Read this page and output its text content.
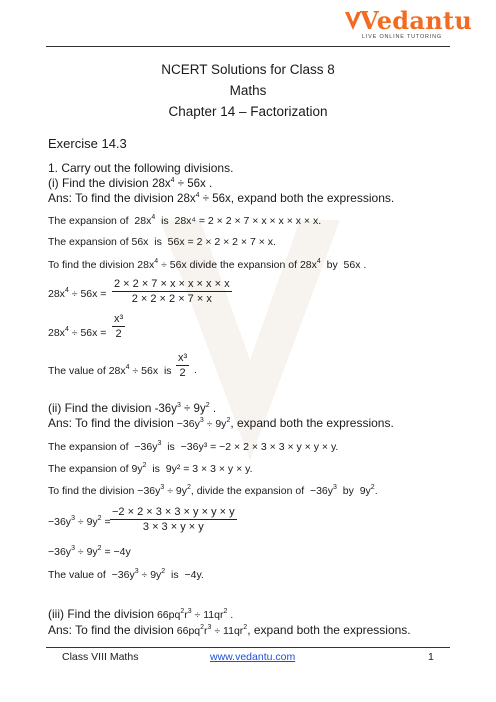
Vedantu
LIVE ONLINE TUTORING
NCERT Solutions for Class 8
Maths
Chapter 14 – Factorization
Exercise 14.3
1. Carry out the following divisions.
(i) Find the division $28x^4 \div 56x$ .
Ans: To find the division $28x^4 \div 56x$, expand both the expressions.
The expansion of  $28x^4$  is  28x⁴ = 2 × 2 × 7 × x × x × x × x.
The expansion of 56x  is  56x = 2 × 2 × 2 × 7 × x.
To find the division $28x^4 \div 56x$ divide the expansion of $28x^4$  by  56x .
$28x^4 \div 56x = \frac{2 \times 2 \times 7 \times x \times x \times x \times x}{2 \times 2 \times 2 \times 7 \times x}$
$28x^4 \div 56x = \frac{\text{x³}}{2}$
The value of $28x^4 \div 56x$  is $\frac{\text{x³}}{2}$ .
(ii) Find the division $-36y^3 \div 9y^2$ .
Ans: To find the division $-36y^3 \div 9y^2$, expand both the expressions.
The expansion of  $-36y^3$  is  −36y³ = −2 × 2 × 3 × 3 × y × y × y.
The expansion of $9y^2$  is  9y² = 3 × 3 × y × y.
To find the division $-36y^3 \div 9y^2$, divide the expansion of  $-36y^3$  by  $9y^2$.
$-36y^3 \div 9y^2 = \frac{-2 \times 2 \times 3 \times 3 \times y \times y \times y}{3 \times 3 \times y \times y}$
$-36y^3 \div 9y^2 = -4y$
The value of  $-36y^3 \div 9y^2$ is −4y.
(iii) Find the division $66pq^2r^3 \div 11qr^2$ .
Ans: To find the division $66pq^2r^3 \div 11qr^2$, expand both the expressions.
Class VIII Maths	www.vedantu.com	1
